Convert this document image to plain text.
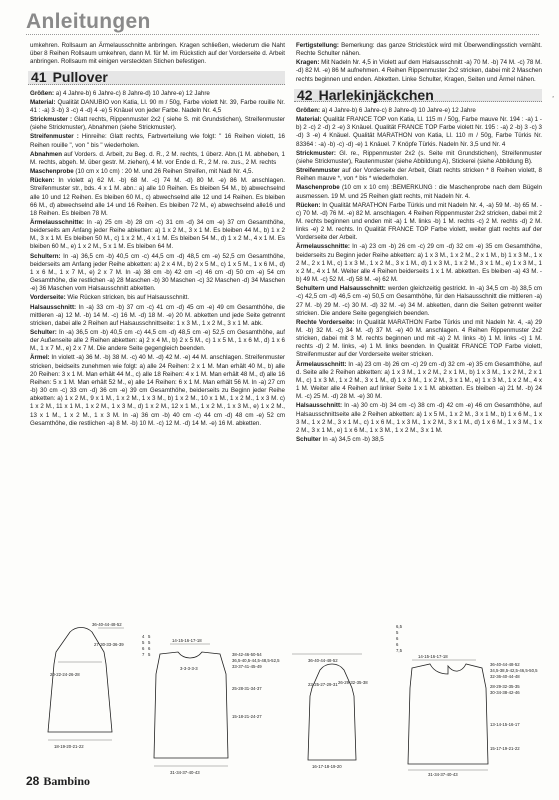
Anleitungen

umkehren. Rollsaum an Ärmelausschnitte anbringen. Kragen schließen, wiederum die Naht über 8 Reihen Rollsaum umkehren, dann M. für M. im Rückstich auf der Vorderseite d. Arbeit anbringen. Rollsaum mit einigen versteckten Stichen befestigen.

41 Pullover

Größen: a) 4 Jahre-b) 6 Jahre-c) 8 Jahre-d) 10 Jahre-e) 12 Jahre

Material: Qualität DANUBIO von Katia, Ll. 90 m / 50g, Farbe violett Nr. 39, Farbe rouille Nr. 41 : -a) 3 -b) 3 -c) 4 -d) 4 -e) 5 Knäuel von jeder Farbe. Nadeln Nr. 4,5

Strickmuster : Glatt rechts, Rippenmuster 2x2 ( siehe S. mit Grundstichen), Streifenmuster (siehe Strickmuster), Abnahmen (siehe Strickmuster).

Streifenmuster : Hinreihe: Glatt rechts, Farbverteilung wie folgt: " 16 Reihen violett, 16 Reihen rouille ", von " bis " wiederholen.

Abnahmen auf Vorders. d. Arbeit, zu Beg. d. R., 2 M. rechts, 1 überz. Abn.(1 M. abheben, 1 M. rechts, abgeh. M. über gestr. M. ziehen), 4 M. vor Ende d. R., 2 M. re. zus., 2 M. rechts

Maschenprobe (10 cm x 10 cm) : 20 M. und 26 Reihen Streifen, mit Nadl Nr. 4,5.

Rücken: In violett a) 62 M. -b) 68 M. -c) 74 M. -d) 80 M. -e) 86 M. anschlagen. Streifenmuster str., bds. 4 x 1 M. abn.: a) alle 10 Reihen. Es bleiben 54 M., b) abwechselnd alle 10 und 12 Reihen. Es bleiben 60 M., c) abwechselnd alle 12 und 14 Reihen. Es bleiben 66 M., d) abwechselnd alle 14 und 16 Reihen. Es bleiben 72 M., e) abwechselnd alle16 und 18 Reihen. Es bleiben 78 M.

Ärmelausschnitte: In -a) 25 cm -b) 28 cm -c) 31 cm -d) 34 cm -e) 37 cm Gesamthöhe, beiderseits am Anfang jeder Reihe abketten: a) 1 x 2 M., 3 x 1 M. Es bleiben 44 M., b) 1 x 2 M., 3 x 1 M. Es bleiben 50 M., c) 1 x 2 M., 4 x 1 M. Es bleiben 54 M., d) 1 x 2 M., 4 x 1 M. Es bleiben 60 M., e) 1 x 2 M., 5 x 1 M. Es bleiben 64 M.

Schultern: In -a) 36,5 cm -b) 40,5 cm -c) 44,5 cm -d) 48,5 cm -e) 52,5 cm Gesamthöhe, beiderseits am Anfang jeder Reihe abketten: a) 2 x 4 M., b) 2 x 5 M., c) 1 x 5 M., 1 x 6 M., d) 1 x 6 M., 1 x 7 M., e) 2 x 7 M. In -a) 38 cm -b) 42 cm -c) 46 cm -d) 50 cm -e) 54 cm Gesamthöhe, die restlichen -a) 28 Maschen -b) 30 Maschen -c) 32 Maschen -d) 34 Maschen -e) 36 Maschen vom Halsausschnitt abketten.

Vorderseite: Wie Rücken stricken, bis auf Halsausschnitt.

Halsausschnitt: In -a) 33 cm -b) 37 cm -c) 41 cm -d) 45 cm -e) 49 cm Gesamthöhe, die mittleren -a) 12 M. -b) 14 M. -c) 16 M. -d) 18 M. -e) 20 M. abketten und jede Seite getrennt stricken, dabei alle 2 Reihen auf Halsausschnittseite: 1 x 3 M., 1 x 2 M., 3 x 1 M. abk.

Schulter: In -a) 36,5 cm -b) 40,5 cm -c) 44,5 cm -d) 48,5 cm -e) 52,5 cm Gesamthöhe, auf der Außenseite alle 2 Reihen abketten: a) 2 x 4 M., b) 2 x 5 M., c) 1 x 5 M., 1 x 6 M., d) 1 x 6 M., 1 x 7 M., e) 2 x 7 M. Die andere Seite gegengleich beenden.

Ärmel: In violett -a) 36 M. -b) 38 M. -c) 40 M. -d) 42 M. -e) 44 M. anschlagen. Streifenmuster stricken, beidseits zunehmen wie folgt: a) alle 24 Reihen: 2 x 1 M. Man erhält 40 M., b) alle 20 Reihen: 3 x 1 M. Man erhält 44 M., c) alle 18 Reihen: 4 x 1 M. Man erhält 48 M., d) alle 16 Reihen: 5 x 1 M. Man erhält 52 M., e) alle 14 Reihen: 6 x 1 M. Man erhält 56 M. In -a) 27 cm -b) 30 cm -c) 33 cm -d) 36 cm -e) 39 cm Gesamthöhe, beiderseits zu Beginn jeder Reihe abketten: a) 1 x 2 M., 9 x 1 M., 1 x 2 M., 1 x 3 M., b) 1 x 2 M., 10 x 1 M., 1 x 2 M., 1 x 3 M. c) 1 x 2 M., 11 x 1 M., 1 x 2 M., 1 x 3 M., d) 1 x 2 M., 12 x 1 M., 1 x 2 M., 1 x 3 M., e) 1 x 2 M., 13 x 1 M., 1 x 2 M., 1 x 3 M. In -a) 36 cm -b) 40 cm -c) 44 cm -d) 48 cm -e) 52 cm Gesamthöhe, die restlichen -a) 8 M. -b) 10 M. -c) 12 M. -d) 14 M. -e) 16 M. abketten.

Fertigstellung: Bemerkung: das ganze Strickstück wird mit Überwendlingsstich vernäht. Rechte Schulter nähen.

Kragen: Mit Nadeln Nr. 4,5 in Violett auf dem Halsausschnitt -a) 70 M. -b) 74 M. -c) 78 M. -d) 82 M. -e) 86 M aufnehmen. 4 Reihen Rippenmuster 2x2 stricken, dabei mit 2 Maschen rechts beginnen und enden. Abketten. Linke Schulter, Kragen, Seiten und Ärmel nähen.

42 Harlekinjäckchen

Größen: a) 4 Jahre-b) 6 Jahre-c) 8 Jahre-d) 10 Jahre-e) 12 Jahre

Material: Qualität FRANCE TOP von Katia, Ll. 115 m / 50g, Farbe mauve Nr. 194 : -a) 1 -b) 2 -c) 2 -d) 2 -e) 3 Knäuel. Qualität FRANCE TOP Farbe violett Nr. 195 : -a) 2 -b) 3 -c) 3 -d) 3 -e) 4 Knäuel. Qualität MARATHON von Katia, Ll. 110 m / 50g, Farbe Türkis Nr. 83364 : -a) -b) -c) -d) -e) 1 Knäuel. 7 Knöpfe Türkis. Nadeln Nr. 3,5 und Nr. 4

Strickmuster: Gl. re., Rippenmuster 2x2 (s. Seite mit Grundstichen), Streifenmuster (siehe Strickmuster), Rautenmuster (siehe Abbildung A), Stickerei (siehe Abbildung B).

Streifenmuster auf der Vorderseite der Arbeit, Glatt rechts stricken * 8 Reihen violett, 8 Reihen mauve *, von * bis * wiederholen.

Maschenprobe (10 cm x 10 cm) :BEMERKUNG : die Maschenprobe nach dem Bügeln ausmessen. 19 M. und 25 Reihen glatt rechts, mit Nadeln Nr. 4.

Rücken: In Qualität MARATHON Farbe Türkis und mit Nadeln Nr. 4, -a) 59 M. -b) 65 M. -c) 70 M. -d) 76 M. -e) 82 M. anschlagen. 4 Reihen Rippenmuster 2x2 stricken, dabei mit 2 M. rechts beginnen und enden mit -a) 1 M. links -b) 1 M. rechts -c) 2 M. rechts -d) 2 M. links -e) 2 M. rechts. In Qualität FRANCE TOP Farbe violett, weiter glatt rechts auf der Vorderseite der Arbeit.

Ärmelausschnitte: In -a) 23 cm -b) 26 cm -c) 29 cm -d) 32 cm -e) 35 cm Gesamthöhe, beiderseits zu Beginn jeder Reihe abketten: a) 1 x 3 M., 1 x 2 M., 2 x 1 M., b) 1 x 3 M., 1 x 2 M., 2 x 1 M., c) 1 x 3 M., 1 x 2 M., 3 x 1 M., d) 1 x 3 M., 1 x 2 M., 3 x 1 M., e) 1 x 3 M., 1 x 2 M., 4 x 1 M. Weiter alle 4 Reihen beiderseits 1 x 1 M. abketten. Es bleiben -a) 43 M. -b) 49 M. -c) 52 M. -d) 58 M. -e) 62 M.

Schultern und Halsausschnitt: werden gleichzeitig gestrickt. In -a) 34,5 cm -b) 38,5 cm -c) 42,5 cm -d) 46,5 cm -e) 50,5 cm Gesamthöhe, für den Halsausschnitt die mittleren -a) 27 M. -b) 29 M. -c) 30 M. -d) 32 M. -e) 34 M. abketten, dann die Seiten getrennt weiter stricken. Die andere Seite gegengleich beenden.

Rechte Vorderseite: In Qualität MARATHON Farbe Türkis und mit Nadeln Nr. 4, -a) 29 M. -b) 32 M. -c) 34 M. -d) 37 M. -e) 40 M. anschlagen. 4 Reihen Rippenmuster 2x2 stricken, dabei mit 3 M. rechts beginnen und mit -a) 2 M. links -b) 1 M. links -c) 1 M. rechts -d) 2 M. links, -e) 1 M. links beenden. In Qualität FRANCE TOP Farbe violett, Streifenmuster auf der Vorderseite weiter stricken.

Ärmelausschnitt: In -a) 23 cm -b) 26 cm -c) 29 cm -d) 32 cm -e) 35 cm Gesamthöhe, auf d. Seite alle 2 Reihen abketten: a) 1 x 3 M., 1 x 2 M., 2 x 1 M., b) 1 x 3 M., 1 x 2 M., 2 x 1 M., c) 1 x 3 M., 1 x 2 M., 3 x 1 M., d) 1 x 3 M., 1 x 2 M., 3 x 1 M., e) 1 x 3 M., 1 x 2 M., 4 x 1 M. Weiter alle 4 Reihen auf linker Seite 1 x 1 M. abketten. Es bleiben -a) 21 M. -b) 24 M. -c) 25 M. -d) 28 M. -e) 30 M.

Halsausschnitt: In -a) 30 cm -b) 34 cm -c) 38 cm -d) 42 cm -e) 46 cm Gesamthöhe, auf Halsausschnittseite alle 2 Reihen abketten: a) 1 x 5 M., 1 x 2 M., 3 x 1 M., b) 1 x 6 M., 1 x 3 M., 1 x 2 M., 3 x 1 M., c) 1 x 6 M., 1 x 3 M., 1 x 2 M., 3 x 1 M., d) 1 x 6 M., 1 x 3 M., 1 x 2 M., 3 x 1 M., e) 1 x 6 M., 1 x 3 M., 1 x 2 M., 3 x 1 M.

Schulter In -a) 34,5 cm -b) 38,5

36-40-44-48-52
27-30-33-36-39
20-22-24-26-28
18-19-20-21-22
4
5
6
7
5
5
6
5
14-15-16-17-18
3-3-3-3-3
38-42-46-50-54
36,5-40,5-44,5-48,5-52,5
33-37-41-45-49
25-28-31-34-37
15-18-21-24-27
31-34-37-40-43
36-40-44-48-52
23-25-27-29-31 26-29-32-35-38
16-17-18-19-20
6,5
5
6
6
7,5
14-15-16-17-18
36-40-44-48-52
34,5-38,5-42,5-46,5-50,5
32-36-40-44-48
28-29-32-35-35
30-34-38-42-46
13-14-15-16-17
15-17-19-21-22
31-34-37-40-43
*
28 Bambino
